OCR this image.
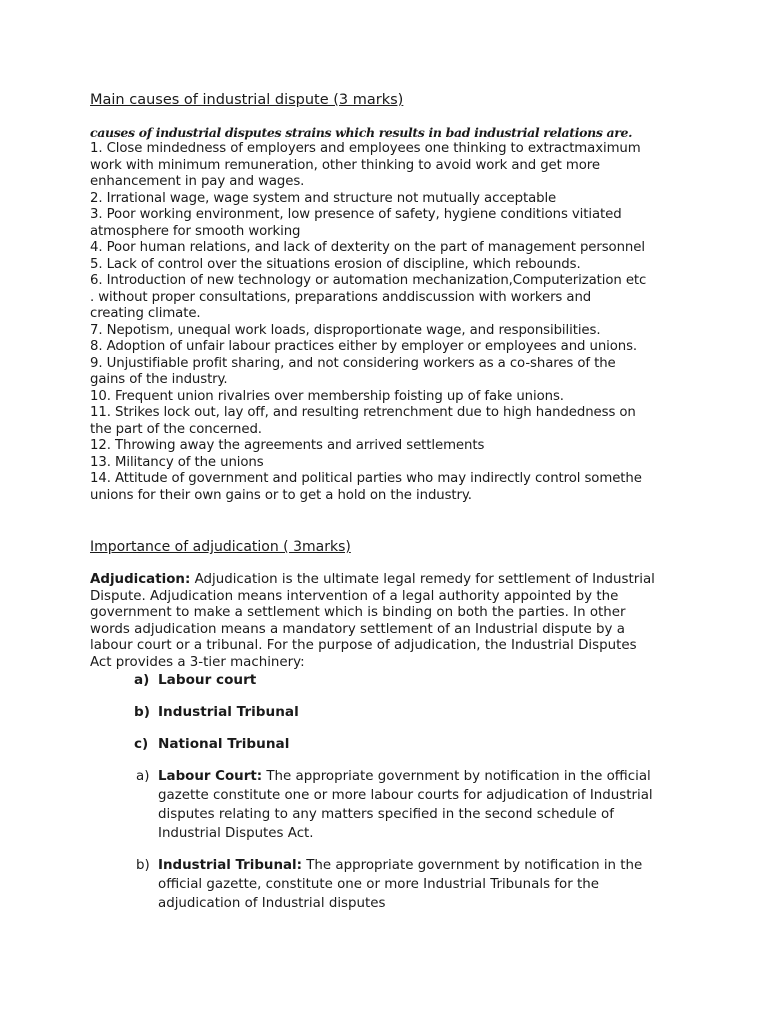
Main causes of industrial dispute (3 marks)
causes of industrial disputes strains which results in bad industrial relations are.
1. Close mindedness of employers and employees one thinking to extractmaximum
work with minimum remuneration, other thinking to avoid work and get more
enhancement in pay and wages.
2. Irrational wage, wage system and structure not mutually acceptable
3. Poor working environment, low presence of safety, hygiene conditions vitiated
atmosphere for smooth working
4. Poor human relations, and lack of dexterity on the part of management personnel
5. Lack of control over the situations erosion of discipline, which rebounds.
6. Introduction of new technology or automation mechanization,Computerization etc
. without proper consultations, preparations anddiscussion with workers and
creating climate.
7. Nepotism, unequal work loads, disproportionate wage, and responsibilities.
8. Adoption of unfair labour practices either by employer or employees and unions.
9. Unjustifiable profit sharing, and not considering workers as a co-shares of the
gains of the industry.
10. Frequent union rivalries over membership foisting up of fake unions.
11. Strikes lock out, lay off, and resulting retrenchment due to high handedness on
the part of the concerned.
12. Throwing away the agreements and arrived settlements
13. Militancy of the unions
14. Attitude of government and political parties who may indirectly control somethe
unions for their own gains or to get a hold on the industry.
Importance of adjudication ( 3marks)
Adjudication: Adjudication is the ultimate legal remedy for settlement of Industrial
Dispute. Adjudication means intervention of a legal authority appointed by the
government to make a settlement which is binding on both the parties. In other
words adjudication means a mandatory settlement of an Industrial dispute by a
labour court or a tribunal. For the purpose of adjudication, the Industrial Disputes
Act provides a 3-tier machinery:
a) Labour court
b) Industrial Tribunal
c) National Tribunal
a) Labour Court: The appropriate government by notification in the official
gazette constitute one or more labour courts for adjudication of Industrial
disputes relating to any matters specified in the second schedule of
Industrial Disputes Act.
b) Industrial Tribunal: The appropriate government by notification in the
official gazette, constitute one or more Industrial Tribunals for the
adjudication of Industrial disputes
